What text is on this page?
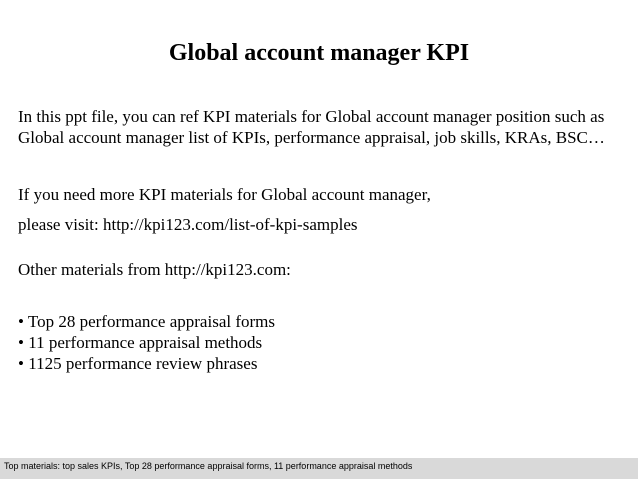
Global account manager KPI
In this ppt file, you can ref KPI materials for Global account manager position such as Global account manager list of KPIs, performance appraisal, job skills, KRAs, BSC…
If you need more KPI materials for Global account manager,
please visit: http://kpi123.com/list-of-kpi-samples
Other materials from http://kpi123.com:
• Top 28 performance appraisal forms
• 11 performance appraisal methods
• 1125 performance review phrases
Top materials: top sales KPIs, Top 28 performance appraisal forms, 11 performance appraisal methods
